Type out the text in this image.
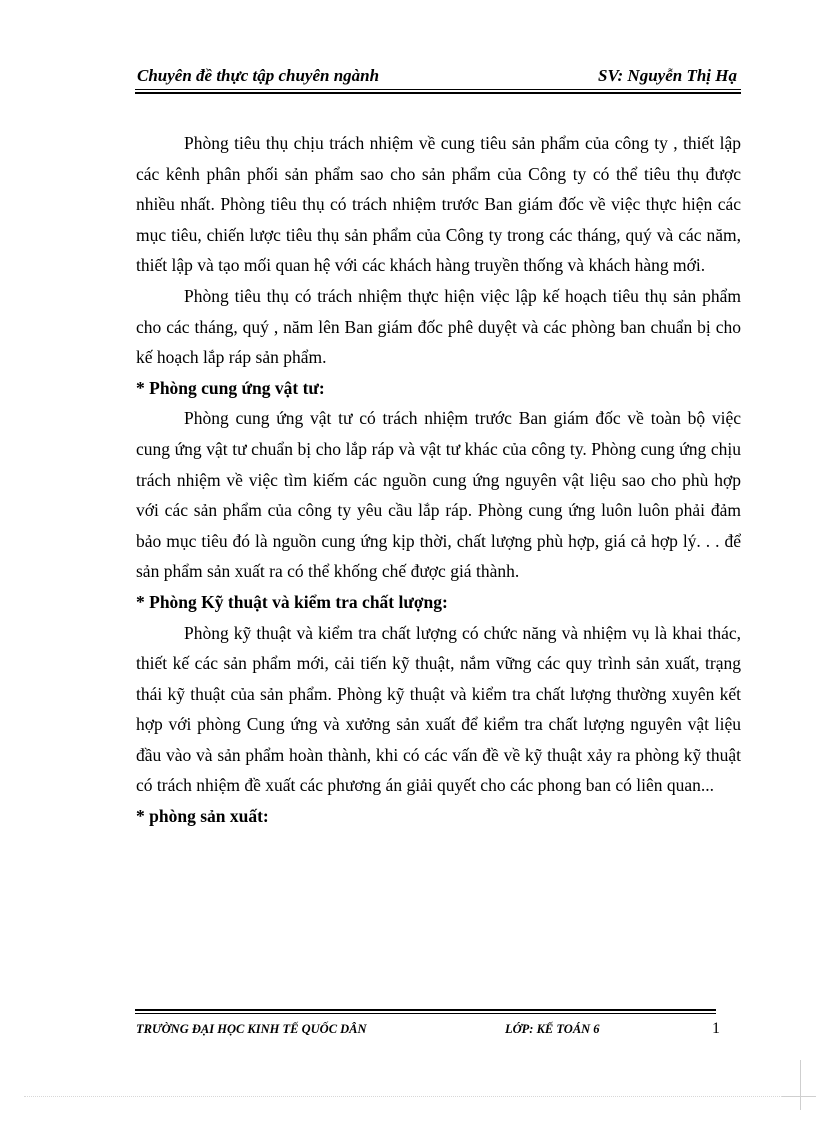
Chuyên đề thực tập chuyên ngành	SV: Nguyễn Thị Hạ

Phòng tiêu thụ chịu trách nhiệm về cung tiêu sản phẩm của công ty , thiết lập các kênh phân phối sản phẩm sao cho sản phẩm của Công ty có thể tiêu thụ được nhiều nhất. Phòng tiêu thụ có trách nhiệm trước Ban giám đốc về việc thực hiện các mục tiêu, chiến lược tiêu thụ sản phẩm của Công ty trong các tháng, quý và các năm, thiết lập và tạo mối quan hệ với các khách hàng truyền thống và khách hàng mới.

Phòng tiêu thụ có trách nhiệm thực hiện việc lập kế hoạch tiêu thụ sản phẩm cho các tháng, quý , năm lên Ban giám đốc phê duyệt và các phòng ban chuẩn bị cho kế hoạch lắp ráp sản phẩm.

* Phòng cung ứng vật tư:

Phòng cung ứng vật tư có trách nhiệm trước Ban giám đốc về toàn bộ việc cung ứng vật tư chuẩn bị cho lắp ráp và vật tư khác của công ty. Phòng cung ứng chịu trách nhiệm về việc tìm kiếm các nguồn cung ứng nguyên vật liệu sao cho phù hợp với các sản phẩm của công ty yêu cầu lắp ráp. Phòng cung ứng luôn luôn phải đảm bảo mục tiêu đó là nguồn cung ứng kịp thời, chất lượng phù hợp, giá cả hợp lý. . . để sản phẩm sản xuất ra có thể khống chế được giá thành.

* Phòng Kỹ thuật và kiểm tra chất lượng:

Phòng kỹ thuật và kiểm tra chất lượng có chức năng và nhiệm vụ là khai thác, thiết kế các sản phẩm mới, cải tiến kỹ thuật, nắm vững các quy trình sản xuất, trạng thái kỹ thuật của sản phẩm. Phòng kỹ thuật và kiểm tra chất lượng thường xuyên kết hợp với phòng Cung ứng và xưởng sản xuất để kiểm tra chất lượng nguyên vật liệu đầu vào và sản phẩm hoàn thành, khi có các vấn đề về kỹ thuật xảy ra phòng kỹ thuật có trách nhiệm đề xuất các phương án giải quyết cho các phong ban có liên quan...

* phòng sản xuất:

TRƯỜNG ĐẠI HỌC KINH TẾ QUỐC DÂN	LỚP: KẾ TOÁN 6	1
